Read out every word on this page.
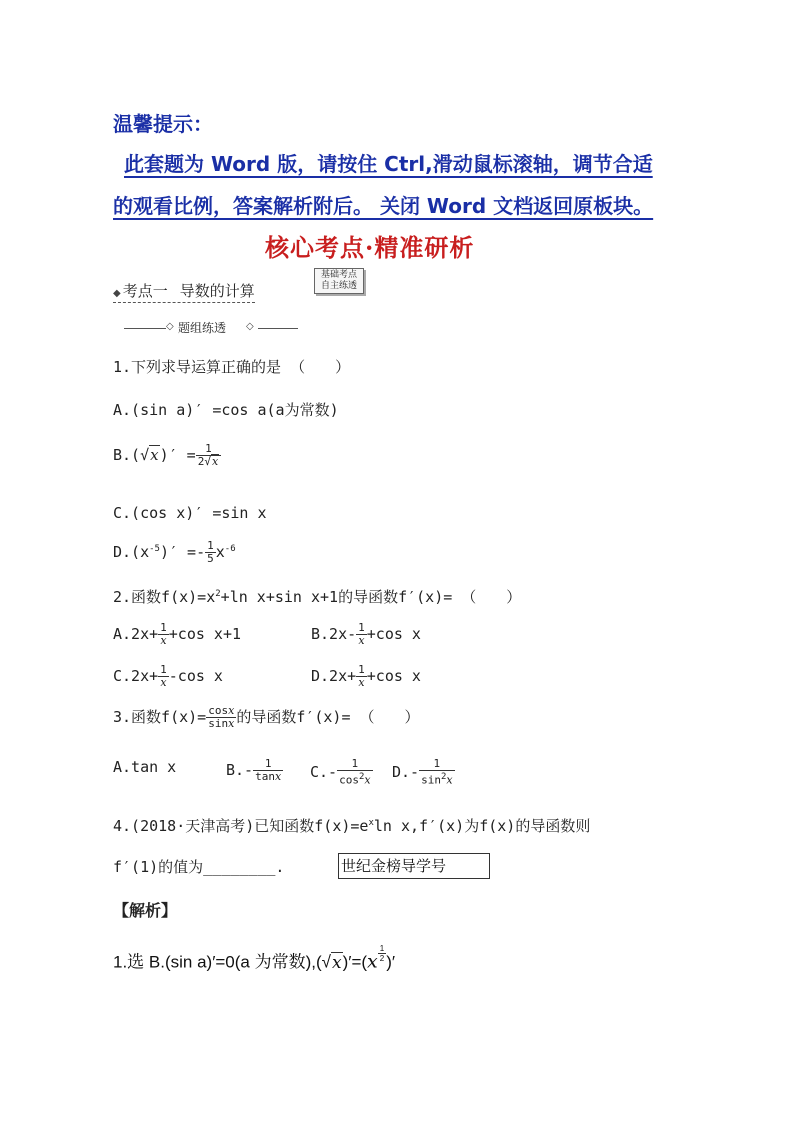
温馨提示：
此套题为 Word 版，请按住 Ctrl,滑动鼠标滚轴，调节合适
的观看比例，答案解析附后。 关闭 Word 文档返回原板块。
核心考点·精准研析
◆ 考点一 导数的计算
基础考点
自主练透
◇ 题组练透 ◇
1.下列求导运算正确的是 （　　）
A.(sin a)′ =cos a(a为常数)
$B.(√x)' = \frac{1}{2√x}$
C.(cos x)′ =sin x
$D.(x^{-5})' =- \frac{1}{5} x^{-6}$
2.函数$f(x)=x^2+\ln$ x+sin x+1的导函数f′(x)= （　　）
$A.2x+ \frac{1}{x} +\cos$ x+1	$B.2x- \frac{1}{x} +\cos$ x
$C.2x+ \frac{1}{x} -\cos$ x	$D.2x+ \frac{1}{x} +\cos$ x
3.函数$f(x)= \frac{\cos x}{\sin x}$ 的导函数f′(x)= （　　）
A.tan x	$B.- \frac{1}{\tan x} C.- \frac{1}{\cos^2x} D.- \frac{1}{\sin^2x}$
4.(2018·天津高考)已知函数$f(x)=e^x\ln$ x,f′(x)为f(x)的导函数则
f′(1)的值为________.	世纪金榜导学号
【解析】
1.选 B.(sin a)′=0(a 为常数)$,(√x)'=(x \frac{1}{2}$ )′
